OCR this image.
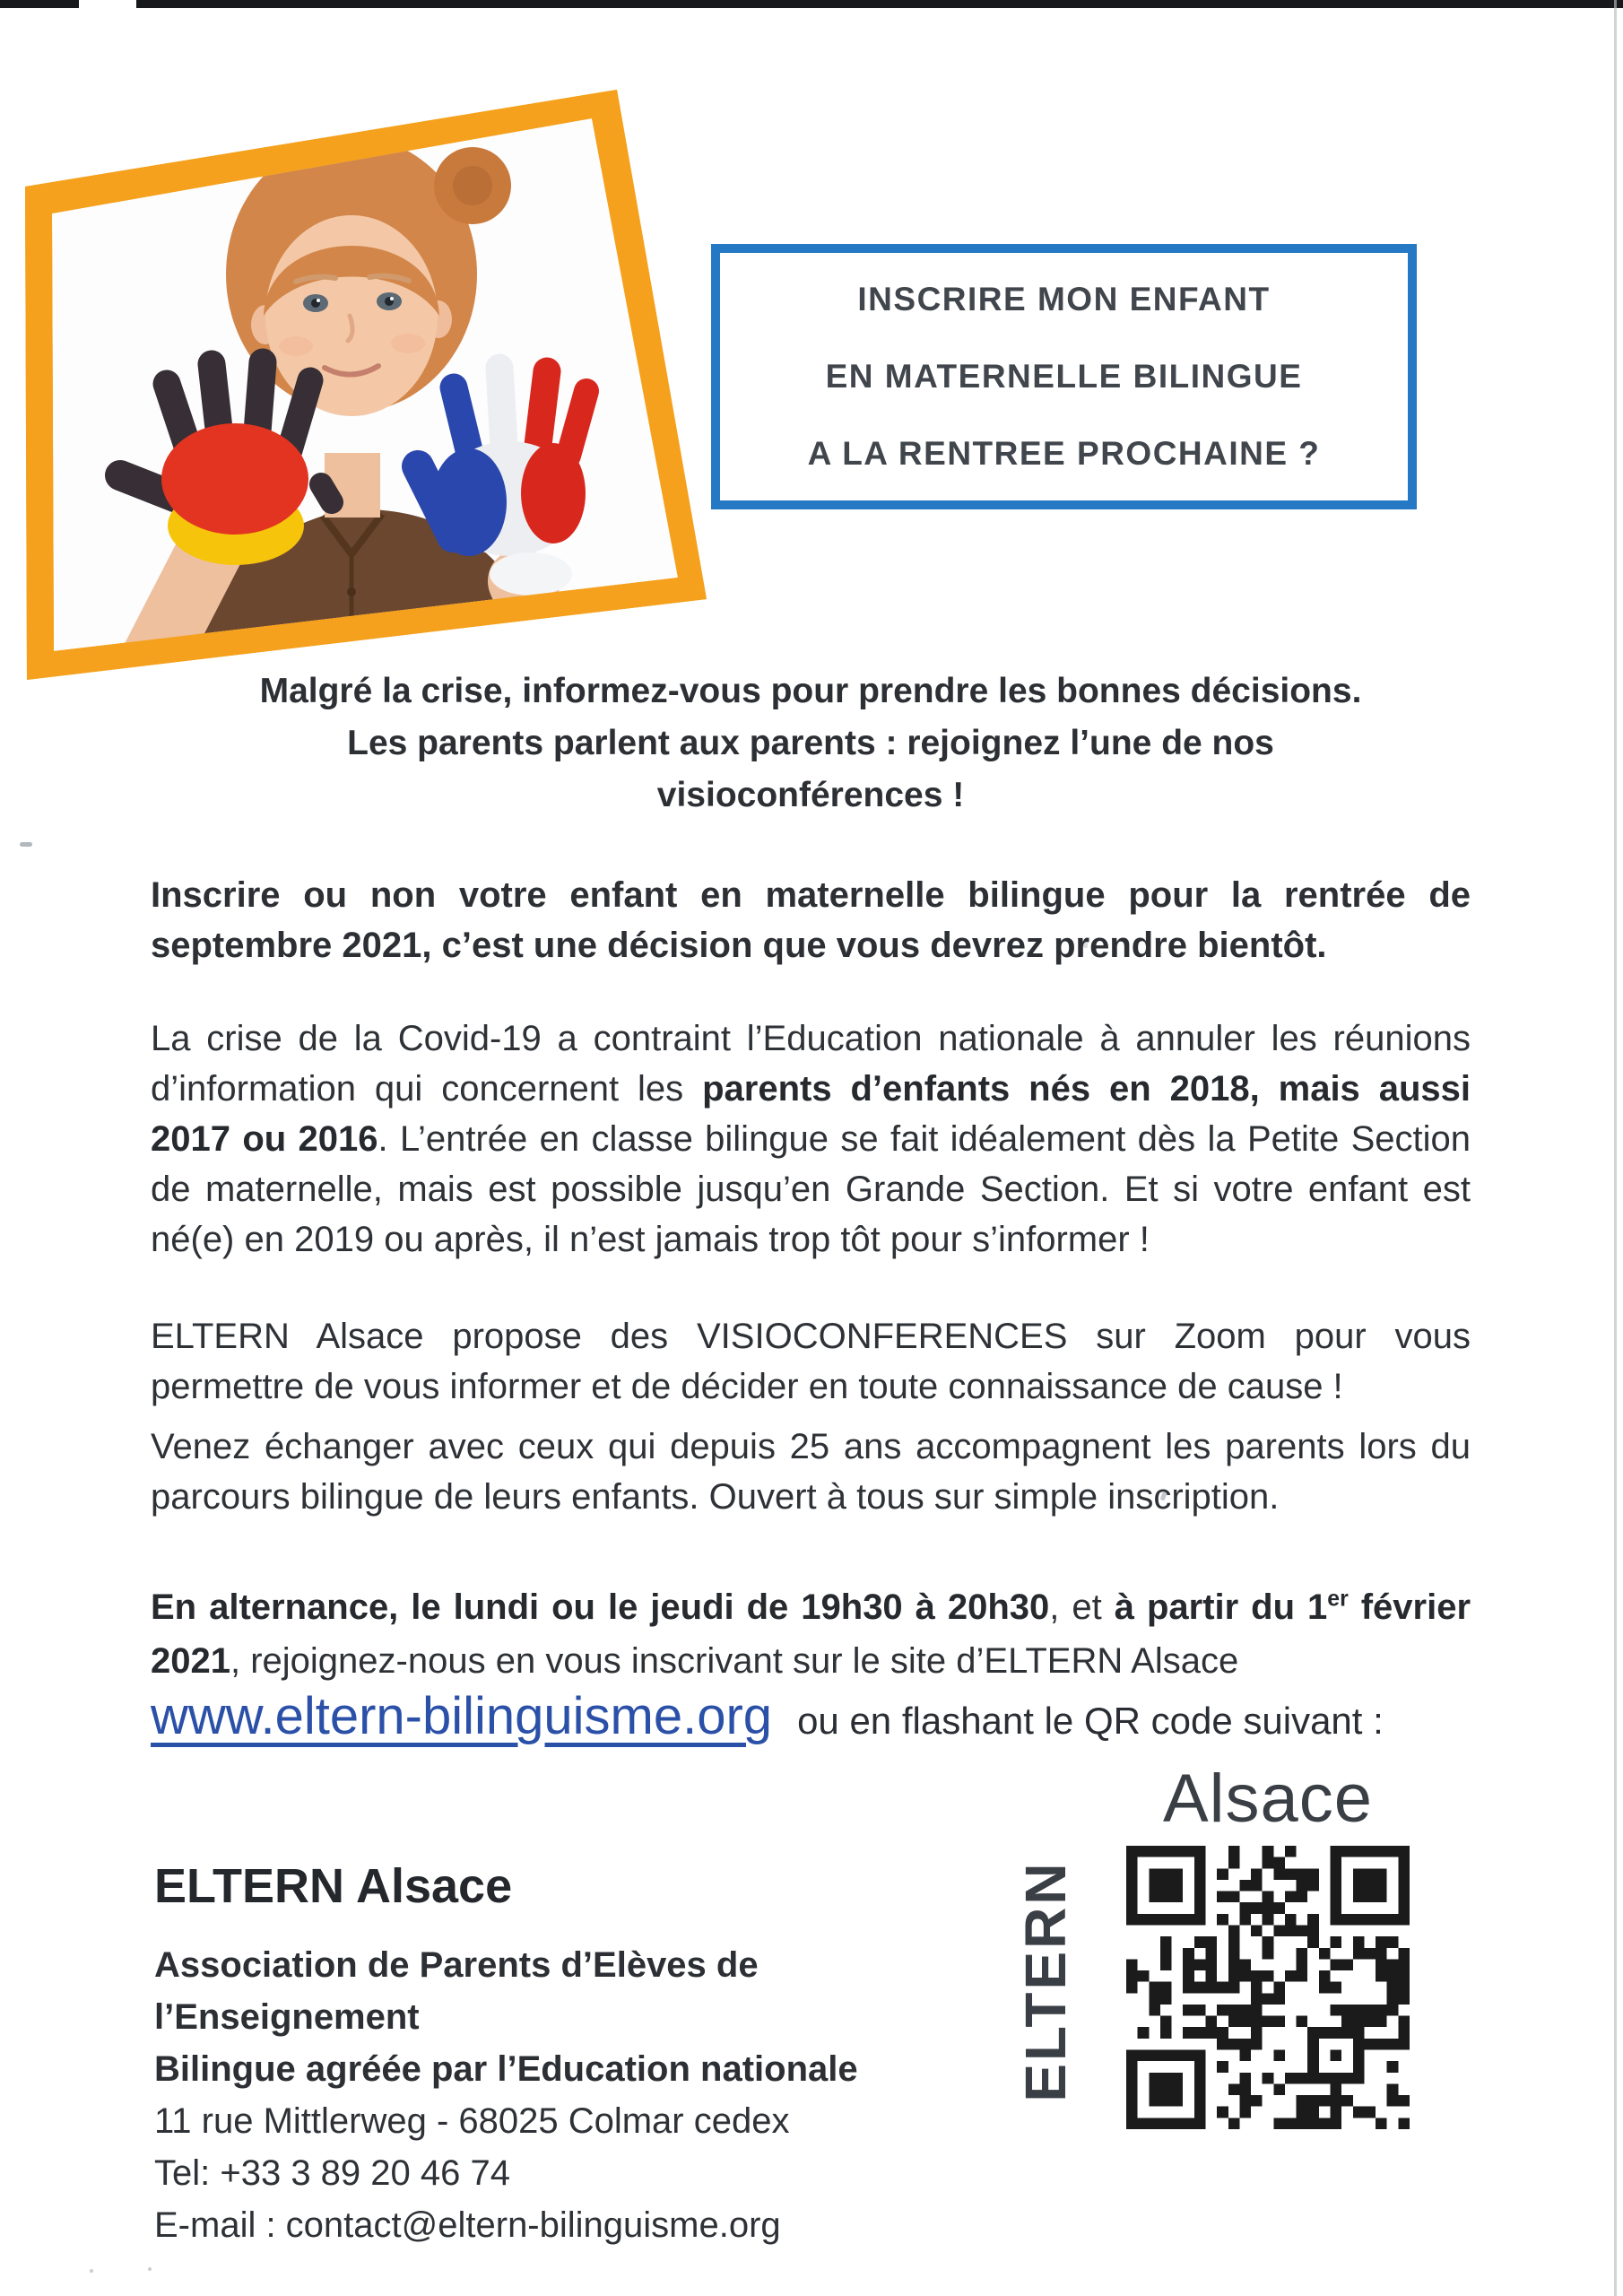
INSCRIRE MON ENFANT
EN MATERNELLE BILINGUE
A LA RENTREE PROCHAINE ?
Malgré la crise, informez-vous pour prendre les bonnes décisions.
Les parents parlent aux parents : rejoignez l’une de nos
visioconférences !
Inscrire ou non votre enfant en maternelle bilingue pour la rentrée de septembre 2021, c’est une décision que vous devrez prendre bientôt.
La crise de la Covid-19 a contraint l’Education nationale à annuler les réunions d’information qui concernent les parents d’enfants nés en 2018, mais aussi 2017 ou 2016. L’entrée en classe bilingue se fait idéalement dès la Petite Section de maternelle, mais est possible jusqu’en Grande Section. Et si votre enfant est né(e) en 2019 ou après, il n’est jamais trop tôt pour s’informer !
ELTERN Alsace propose des VISIOCONFERENCES sur Zoom pour vous permettre de vous informer et de décider en toute connaissance de cause !
Venez échanger avec ceux qui depuis 25 ans accompagnent les parents lors du parcours bilingue de leurs enfants. Ouvert à tous sur simple inscription.
En alternance, le lundi ou le jeudi de 19h30 à 20h30, et à partir du 1er février 2021, rejoignez-nous en vous inscrivant sur le site d’ELTERN Alsace
www.eltern-bilinguisme.org ou en flashant le QR code suivant :
ELTERN Alsace
Association de Parents d’Elèves de l’Enseignement
Bilingue agréée par l’Education nationale
11 rue Mittlerweg - 68025 Colmar cedex
Tel: +33 3 89 20 46 74
E-mail : contact@eltern-bilinguisme.org
Alsace
ELTERN
